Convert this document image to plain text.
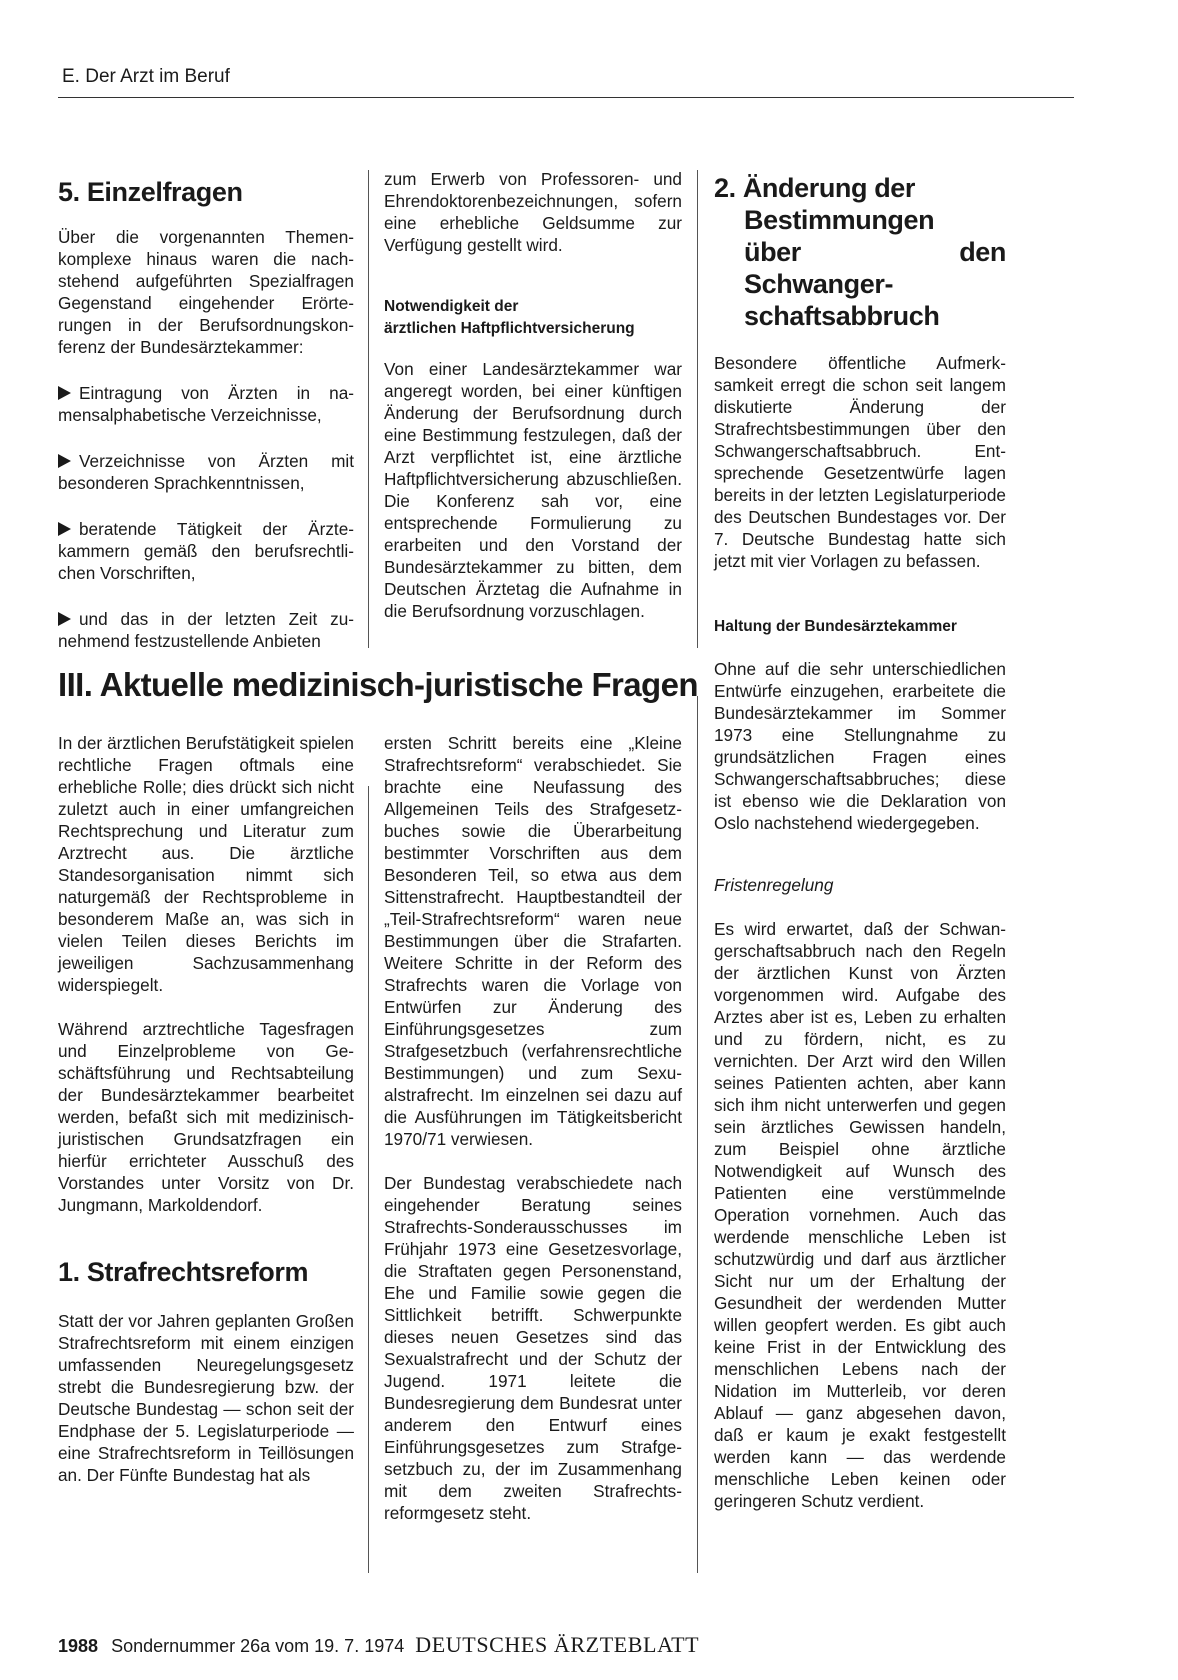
E. Der Arzt im Beruf
5. Einzelfragen

Über die vorgenannten Themenkomplexe hinaus waren die nachstehend aufgeführten Spezialfragen Gegenstand eingehender Erörterungen in der Berufsordnungskonferenz der Bundesärztekammer:

Eintragung von Ärzten in namensalphabetische Verzeichnisse,

Verzeichnisse von Ärzten mit besonderen Sprachkenntnissen,

beratende Tätigkeit der Ärztekammern gemäß den berufsrechtlichen Vorschriften,

und das in der letzten Zeit zunehmend festzustellende Anbieten

zum Erwerb von Professoren- und Ehrendoktorenbezeichnungen, sofern eine erhebliche Geldsumme zur Verfügung gestellt wird.

Notwendigkeit der
ärztlichen Haftpflichtversicherung

Von einer Landesärztekammer war angeregt worden, bei einer künftigen Änderung der Berufsordnung durch eine Bestimmung festzulegen, daß der Arzt verpflichtet ist, eine ärztliche Haftpflichtversicherung abzuschließen. Die Konferenz sah vor, eine entsprechende Formulierung zu erarbeiten und den Vorstand der Bundesärztekammer zu bitten, dem Deutschen Ärztetag die Aufnahme in die Berufsordnung vorzuschlagen.

III. Aktuelle medizinisch-juristische Fragen

In der ärztlichen Berufstätigkeit spielen rechtliche Fragen oftmals eine erhebliche Rolle; dies drückt sich nicht zuletzt auch in einer umfangreichen Rechtsprechung und Literatur zum Arztrecht aus. Die ärztliche Standesorganisation nimmt sich naturgemäß der Rechtsprobleme in besonderem Maße an, was sich in vielen Teilen dieses Berichts im jeweiligen Sachzusammenhang widerspiegelt.

Während arztrechtliche Tagesfragen und Einzelprobleme von Geschäftsführung und Rechtsabteilung der Bundesärztekammer bearbeitet werden, befaßt sich mit medizinisch-juristischen Grundsatzfragen ein hierfür errichteter Ausschuß des Vorstandes unter Vorsitz von Dr. Jungmann, Markoldendorf.

1. Strafrechtsreform

Statt der vor Jahren geplanten Großen Strafrechtsreform mit einem einzigen umfassenden Neuregelungsgesetz strebt die Bundesregierung bzw. der Deutsche Bundestag — schon seit der Endphase der 5. Legislaturperiode — eine Strafrechtsreform in Teillösungen an. Der Fünfte Bundestag hat als

ersten Schritt bereits eine „Kleine Strafrechtsreform“ verabschiedet. Sie brachte eine Neufassung des Allgemeinen Teils des Strafgesetzbuches sowie die Überarbeitung bestimmter Vorschriften aus dem Besonderen Teil, so etwa aus dem Sittenstrafrecht. Hauptbestandteil der „Teil-Strafrechtsreform“ waren neue Bestimmungen über die Strafarten. Weitere Schritte in der Reform des Strafrechts waren die Vorlage von Entwürfen zur Änderung des Einführungsgesetzes zum Strafgesetzbuch (verfahrensrechtliche Bestimmungen) und zum Sexualstrafrecht. Im einzelnen sei dazu auf die Ausführungen im Tätigkeitsbericht 1970/71 verwiesen.

Der Bundestag verabschiedete nach eingehender Beratung seines Strafrechts-Sonderausschusses im Frühjahr 1973 eine Gesetzesvorlage, die Straftaten gegen Personenstand, Ehe und Familie sowie gegen die Sittlichkeit betrifft. Schwerpunkte dieses neuen Gesetzes sind das Sexualstrafrecht und der Schutz der Jugend. 1971 leitete die Bundesregierung dem Bundesrat unter anderem den Entwurf eines Einführungsgesetzes zum Strafgesetzbuch zu, der im Zusammenhang mit dem zweiten Strafrechtsreformgesetz steht.

2. Änderung der
Bestimmungen
über den Schwanger-
schaftsabbruch

Besondere öffentliche Aufmerksamkeit erregt die schon seit langem diskutierte Änderung der Strafrechtsbestimmungen über den Schwangerschaftsabbruch. Entsprechende Gesetzentwürfe lagen bereits in der letzten Legislaturperiode des Deutschen Bundestages vor. Der 7. Deutsche Bundestag hatte sich jetzt mit vier Vorlagen zu befassen.

Haltung der Bundesärztekammer

Ohne auf die sehr unterschiedlichen Entwürfe einzugehen, erarbeitete die Bundesärztekammer im Sommer 1973 eine Stellungnahme zu grundsätzlichen Fragen eines Schwangerschaftsabbruches; diese ist ebenso wie die Deklaration von Oslo nachstehend wiedergegeben.

Fristenregelung

Es wird erwartet, daß der Schwangerschaftsabbruch nach den Regeln der ärztlichen Kunst von Ärzten vorgenommen wird. Aufgabe des Arztes aber ist es, Leben zu erhalten und zu fördern, nicht, es zu vernichten. Der Arzt wird den Willen seines Patienten achten, aber kann sich ihm nicht unterwerfen und gegen sein ärztliches Gewissen handeln, zum Beispiel ohne ärztliche Notwendigkeit auf Wunsch des Patienten eine verstümmelnde Operation vornehmen. Auch das werdende menschliche Leben ist schutzwürdig und darf aus ärztlicher Sicht nur um der Erhaltung der Gesundheit der werdenden Mutter willen geopfert werden. Es gibt auch keine Frist in der Entwicklung des menschlichen Lebens nach der Nidation im Mutterleib, vor deren Ablauf — ganz abgesehen davon, daß er kaum je exakt festgestellt werden kann — das werdende menschliche Leben keinen oder geringeren Schutz verdient.

1988 Sondernummer 26a vom 19. 7. 1974 DEUTSCHES ÄRZTEBLATT
